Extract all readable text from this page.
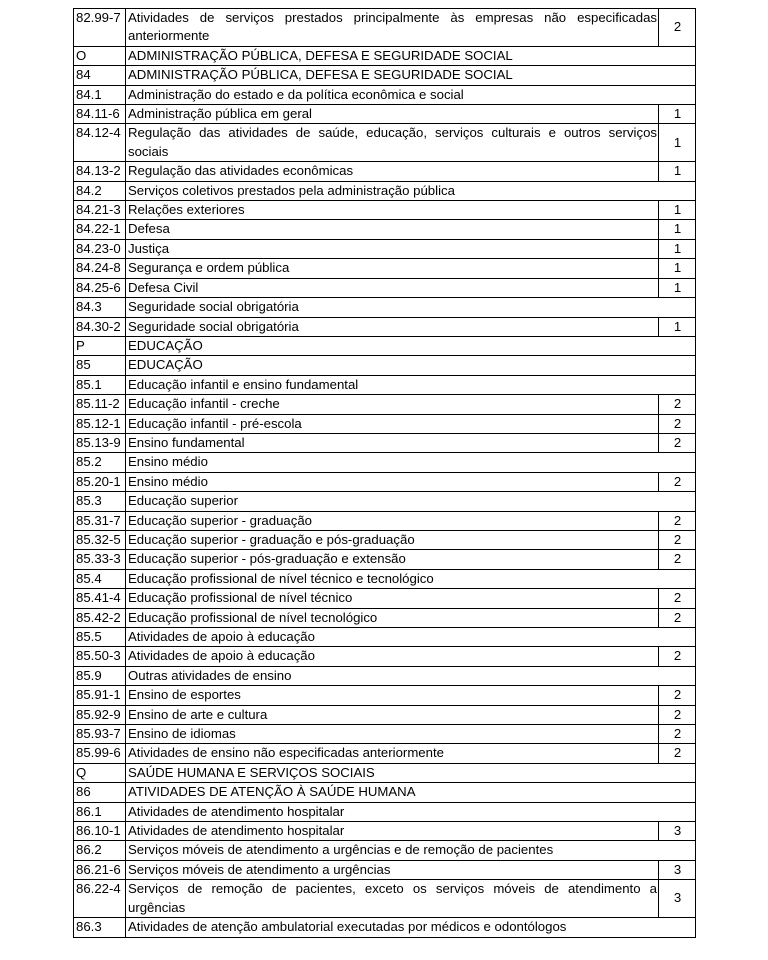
82.99-7	Atividades de serviços prestados principalmente às empresas não especificadas anteriormente	2
O	ADMINISTRAÇÃO PÚBLICA, DEFESA E SEGURIDADE SOCIAL	
84	ADMINISTRAÇÃO PÚBLICA, DEFESA E SEGURIDADE SOCIAL	
84.1	Administração do estado e da política econômica e social	
84.11-6	Administração pública em geral	1
84.12-4	Regulação das atividades de saúde, educação, serviços culturais e outros serviços sociais	1
84.13-2	Regulação das atividades econômicas	1
84.2	Serviços coletivos prestados pela administração pública	
84.21-3	Relações exteriores	1
84.22-1	Defesa	1
84.23-0	Justiça	1
84.24-8	Segurança e ordem pública	1
84.25-6	Defesa Civil	1
84.3	Seguridade social obrigatória	
84.30-2	Seguridade social obrigatória	1
P	EDUCAÇÃO	
85	EDUCAÇÃO	
85.1	Educação infantil e ensino fundamental	
85.11-2	Educação infantil - creche	2
85.12-1	Educação infantil - pré-escola	2
85.13-9	Ensino fundamental	2
85.2	Ensino médio	
85.20-1	Ensino médio	2
85.3	Educação superior	
85.31-7	Educação superior - graduação	2
85.32-5	Educação superior - graduação e pós-graduação	2
85.33-3	Educação superior - pós-graduação e extensão	2
85.4	Educação profissional de nível técnico e tecnológico	
85.41-4	Educação profissional de nível técnico	2
85.42-2	Educação profissional de nível tecnológico	2
85.5	Atividades de apoio à educação	
85.50-3	Atividades de apoio à educação	2
85.9	Outras atividades de ensino	
85.91-1	Ensino de esportes	2
85.92-9	Ensino de arte e cultura	2
85.93-7	Ensino de idiomas	2
85.99-6	Atividades de ensino não especificadas anteriormente	2
Q	SAÚDE HUMANA E SERVIÇOS SOCIAIS	
86	ATIVIDADES DE ATENÇÃO À SAÚDE HUMANA	
86.1	Atividades de atendimento hospitalar	
86.10-1	Atividades de atendimento hospitalar	3
86.2	Serviços móveis de atendimento a urgências e de remoção de pacientes	
86.21-6	Serviços móveis de atendimento a urgências	3
86.22-4	Serviços de remoção de pacientes, exceto os serviços móveis de atendimento a urgências	3
86.3	Atividades de atenção ambulatorial executadas por médicos e odontólogos	
